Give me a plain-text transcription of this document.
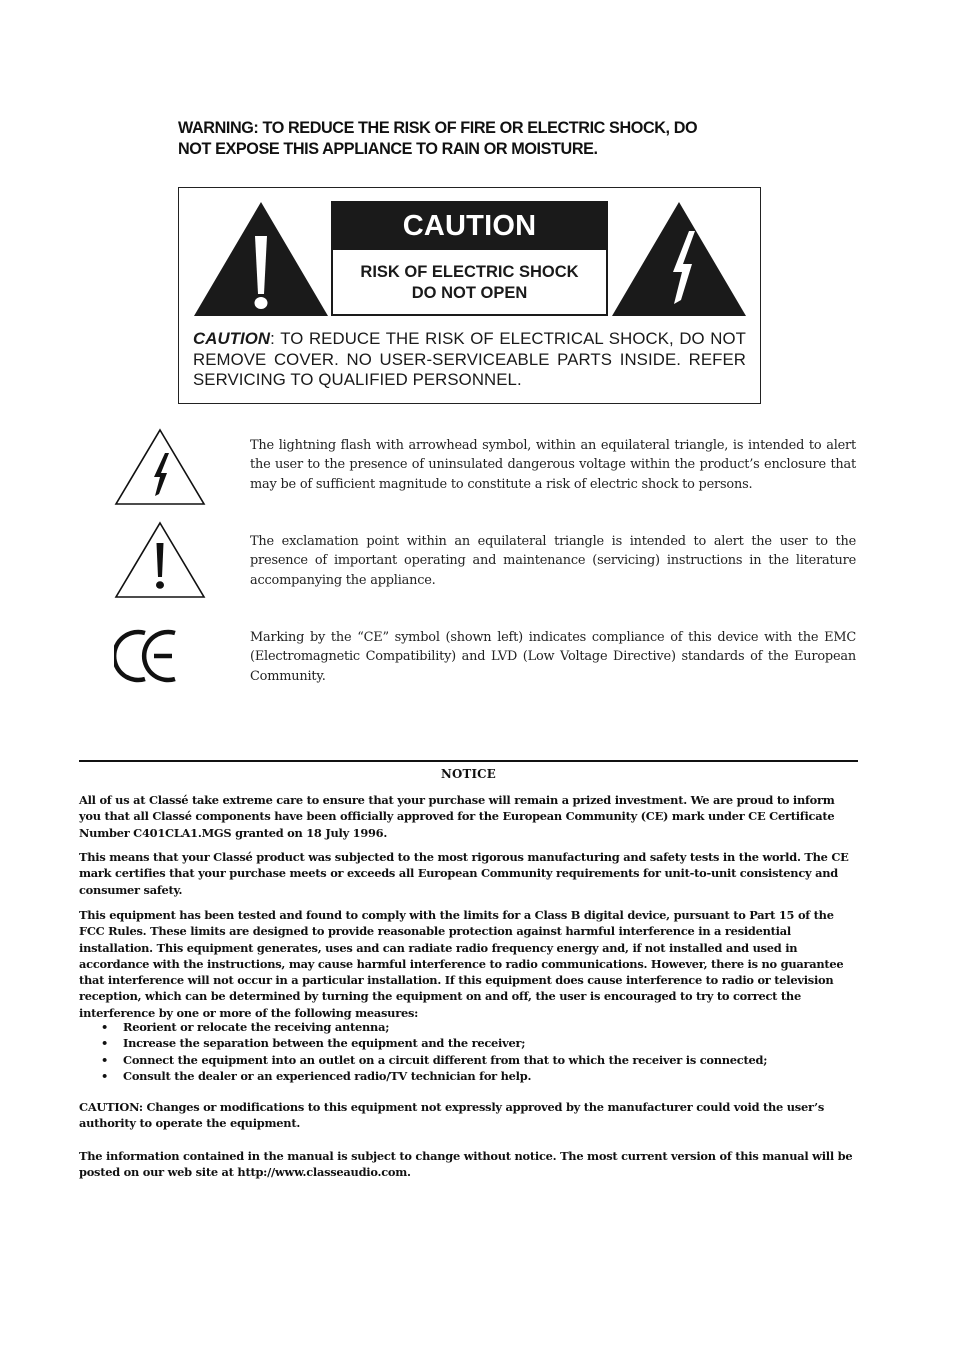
WARNING: TO REDUCE THE RISK OF FIRE OR ELECTRIC SHOCK, DO
NOT EXPOSE THIS APPLIANCE TO RAIN OR MOISTURE.
CAUTION
RISK OF ELECTRIC SHOCK
DO NOT OPEN
CAUTION: TO REDUCE THE RISK OF ELECTRICAL SHOCK, DO NOT REMOVE COVER. NO USER-SERVICEABLE PARTS INSIDE. REFER SERVICING TO QUALIFIED PERSONNEL.
The lightning flash with arrowhead symbol, within an equilateral triangle, is intended to alert the user to the presence of uninsulated dangerous voltage within the product’s enclosure that may be of sufficient magnitude to constitute a risk of electric shock to persons.
The exclamation point within an equilateral triangle is intended to alert the user to the presence of important operating and maintenance (servicing) instructions in the literature accompanying the appliance.
Marking by the “CE” symbol (shown left) indicates compliance of this device with the EMC (Electromagnetic Compatibility) and LVD (Low Voltage Directive) standards of the European Community.
NOTICE
All of us at Classé take extreme care to ensure that your purchase will remain a prized investment. We are proud to inform you that all Classé components have been officially approved for the European Community (CE) mark under CE Certificate Number C401CLA1.MGS granted on 18 July 1996.
This means that your Classé product was subjected to the most rigorous manufacturing and safety tests in the world. The CE mark certifies that your purchase meets or exceeds all European Community requirements for unit-to-unit consistency and consumer safety.
This equipment has been tested and found to comply with the limits for a Class B digital device, pursuant to Part 15 of the FCC Rules. These limits are designed to provide reasonable protection against harmful interference in a residential installation. This equipment generates, uses and can radiate radio frequency energy and, if not installed and used in accordance with the instructions, may cause harmful interference to radio communications. However, there is no guarantee that interference will not occur in a particular installation. If this equipment does cause interference to radio or television reception, which can be determined by turning the equipment on and off, the user is encouraged to try to correct the interference by one or more of the following measures:
• Reorient or relocate the receiving antenna;
• Increase the separation between the equipment and the receiver;
• Connect the equipment into an outlet on a circuit different from that to which the receiver is connected;
• Consult the dealer or an experienced radio/TV technician for help.
CAUTION: Changes or modifications to this equipment not expressly approved by the manufacturer could void the user’s authority to operate the equipment.
The information contained in the manual is subject to change without notice. The most current version of this manual will be posted on our web site at http://www.classeaudio.com.
